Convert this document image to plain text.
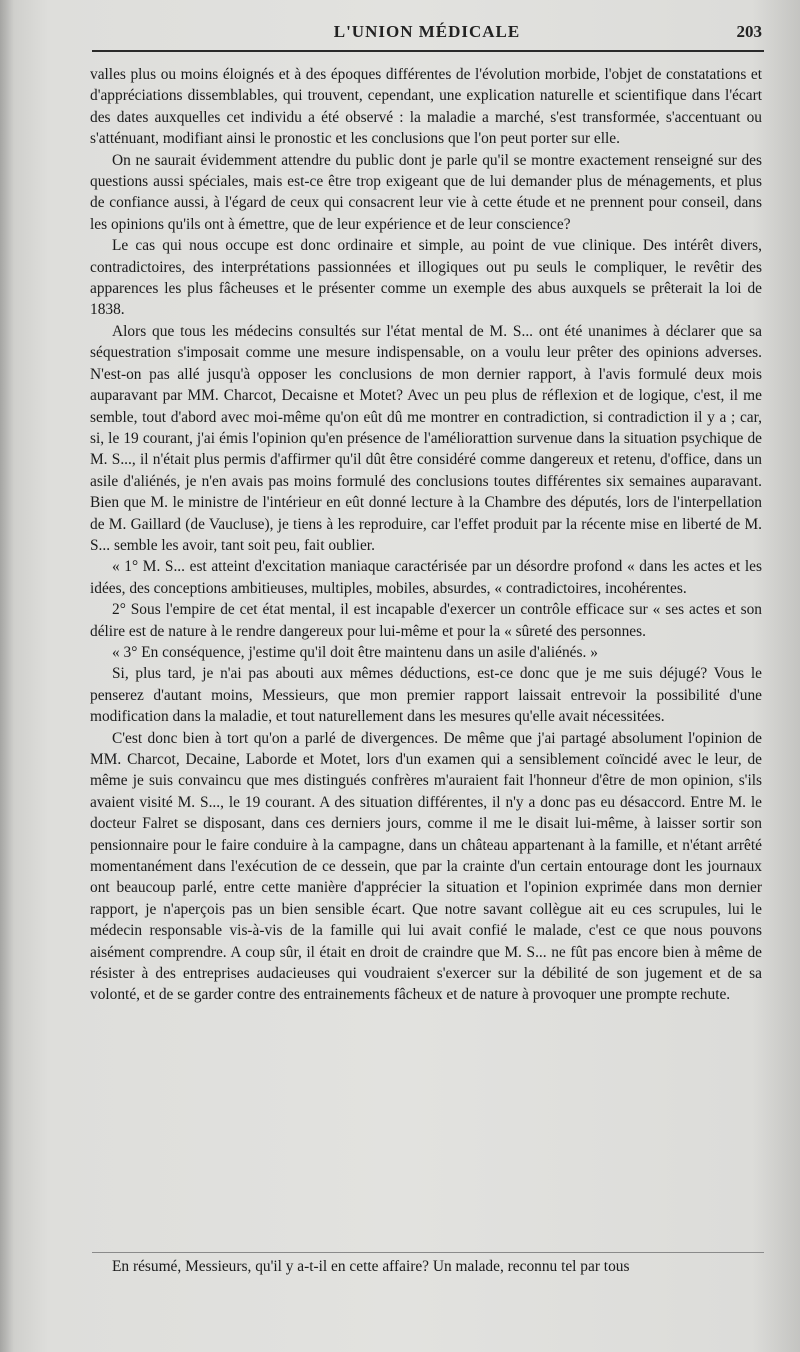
L'UNION MÉDICALE	203

valles plus ou moins éloignés et à des époques différentes de l'évolution morbide, l'objet de constatations et d'appréciations dissemblables, qui trouvent, cependant, une explication naturelle et scientifique dans l'écart des dates auxquelles cet individu a été observé : la maladie a marché, s'est transformée, s'accentuant ou s'atténuant, modifiant ainsi le pronostic et les conclusions que l'on peut porter sur elle.

On ne saurait évidemment attendre du public dont je parle qu'il se montre exactement renseigné sur des questions aussi spéciales, mais est-ce être trop exigeant que de lui demander plus de ménagements, et plus de confiance aussi, à l'égard de ceux qui consacrent leur vie à cette étude et ne prennent pour conseil, dans les opinions qu'ils ont à émettre, que de leur expérience et de leur conscience?

Le cas qui nous occupe est donc ordinaire et simple, au point de vue clinique. Des intérêt divers, contradictoires, des interprétations passionnées et illogiques out pu seuls le compliquer, le revêtir des apparences les plus fâcheuses et le présenter comme un exemple des abus auxquels se prêterait la loi de 1838.

Alors que tous les médecins consultés sur l'état mental de M. S... ont été unanimes à déclarer que sa séquestration s'imposait comme une mesure indispensable, on a voulu leur prêter des opinions adverses. N'est-on pas allé jusqu'à opposer les conclusions de mon dernier rapport, à l'avis formulé deux mois auparavant par MM. Charcot, Decaisne et Motet? Avec un peu plus de réflexion et de logique, c'est, il me semble, tout d'abord avec moi-même qu'on eût dû me montrer en contradiction, si contradiction il y a ; car, si, le 19 courant, j'ai émis l'opinion qu'en présence de l'améliorattion survenue dans la situation psychique de M. S..., il n'était plus permis d'affirmer qu'il dût être considéré comme dangereux et retenu, d'office, dans un asile d'aliénés, je n'en avais pas moins formulé des conclusions toutes différentes six semaines auparavant. Bien que M. le ministre de l'intérieur en eût donné lecture à la Chambre des députés, lors de l'interpellation de M. Gaillard (de Vaucluse), je tiens à les reproduire, car l'effet produit par la récente mise en liberté de M. S... semble les avoir, tant soit peu, fait oublier.

« 1° M. S... est atteint d'excitation maniaque caractérisée par un désordre profond « dans les actes et les idées, des conceptions ambitieuses, multiples, mobiles, absurdes, « contradictoires, incohérentes.

2° Sous l'empire de cet état mental, il est incapable d'exercer un contrôle efficace sur « ses actes et son délire est de nature à le rendre dangereux pour lui-même et pour la « sûreté des personnes.

« 3° En conséquence, j'estime qu'il doit être maintenu dans un asile d'aliénés. »

Si, plus tard, je n'ai pas abouti aux mêmes déductions, est-ce donc que je me suis déjugé? Vous le penserez d'autant moins, Messieurs, que mon premier rapport laissait entrevoir la possibilité d'une modification dans la maladie, et tout naturellement dans les mesures qu'elle avait nécessitées.

C'est donc bien à tort qu'on a parlé de divergences. De même que j'ai partagé absolument l'opinion de MM. Charcot, Decaine, Laborde et Motet, lors d'un examen qui a sensiblement coïncidé avec le leur, de même je suis convaincu que mes distingués confrères m'auraient fait l'honneur d'être de mon opinion, s'ils avaient visité M. S..., le 19 courant. A des situation différentes, il n'y a donc pas eu désaccord. Entre M. le docteur Falret se disposant, dans ces derniers jours, comme il me le disait lui-même, à laisser sortir son pensionnaire pour le faire conduire à la campagne, dans un château appartenant à la famille, et n'étant arrêté momentanément dans l'exécution de ce dessein, que par la crainte d'un certain entourage dont les journaux ont beaucoup parlé, entre cette manière d'apprécier la situation et l'opinion exprimée dans mon dernier rapport, je n'aperçois pas un bien sensible écart. Que notre savant collègue ait eu ces scrupules, lui le médecin responsable vis-à-vis de la famille qui lui avait confié le malade, c'est ce que nous pouvons aisément comprendre. A coup sûr, il était en droit de craindre que M. S... ne fût pas encore bien à même de résister à des entreprises audacieuses qui voudraient s'exercer sur la débilité de son jugement et de sa volonté, et de se garder contre des entrainements fâcheux et de nature à provoquer une prompte rechute.

En résumé, Messieurs, qu'il y a-t-il en cette affaire? Un malade, reconnu tel par tous
